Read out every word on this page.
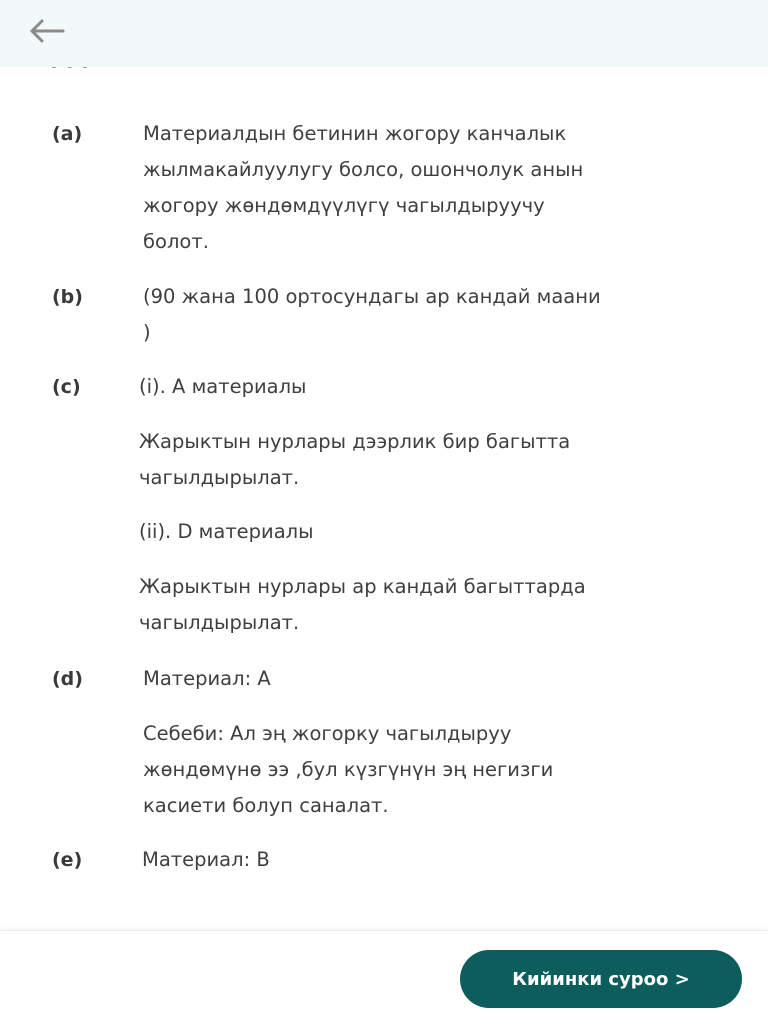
(a)	Материалдын бетинин жогору канчалык
жылмакайлуулугу болсо, ошончолук анын
жогору жөндөмдүүлүгү чагылдыруучу
болот.
(b)	(90 жана 100 ортосундагы ар кандай маани
)
(c)	(i). A материалы
Жарыктын нурлары дээрлик бир багытта
чагылдырылат.
(ii). D материалы
Жарыктын нурлары ар кандай багыттарда
чагылдырылат.
(d)	Материал: A
Себеби: Ал эң жогорку чагылдыруу
жөндөмүнө ээ ,бул күзгүнүн эң негизги
касиети болуп саналат.
(e)	Материал: B
Кийинки суроо >
